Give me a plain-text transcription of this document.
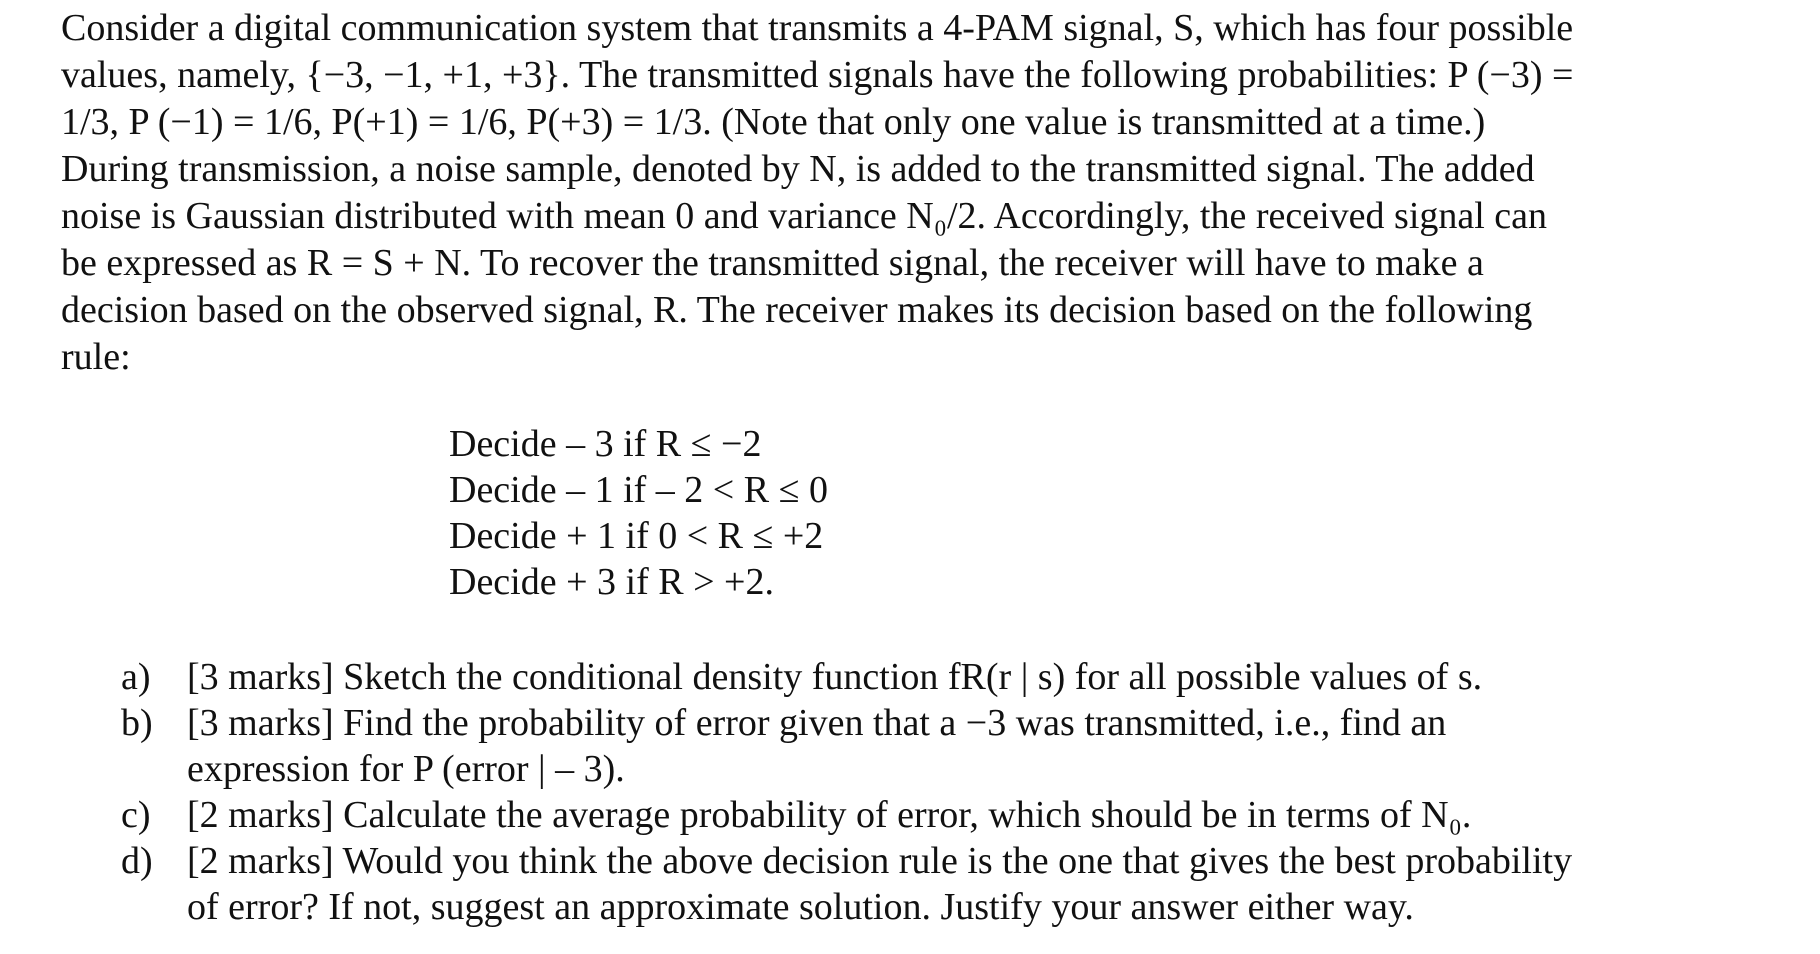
Consider a digital communication system that transmits a 4-PAM signal, S, which has four possible
values, namely, {−3, −1, +1, +3}. The transmitted signals have the following probabilities: P (−3) =
1/3, P (−1) = 1/6, P(+1) = 1/6, P(+3) = 1/3. (Note that only one value is transmitted at a time.)
During transmission, a noise sample, denoted by N, is added to the transmitted signal. The added
noise is Gaussian distributed with mean 0 and variance N₀/2. Accordingly, the received signal can
be expressed as R = S + N. To recover the transmitted signal, the receiver will have to make a
decision based on the observed signal, R. The receiver makes its decision based on the following
rule:

Decide – 3 if R ≤ −2
Decide – 1 if – 2 < R ≤ 0
Decide + 1 if 0 < R ≤ +2
Decide + 3 if R > +2.
a) [3 marks] Sketch the conditional density function fR(r | s) for all possible values of s.
b) [3 marks] Find the probability of error given that a −3 was transmitted, i.e., find an
expression for P (error | – 3).
c) [2 marks] Calculate the average probability of error, which should be in terms of N₀.
d) [2 marks] Would you think the above decision rule is the one that gives the best probability
of error? If not, suggest an approximate solution. Justify your answer either way.
